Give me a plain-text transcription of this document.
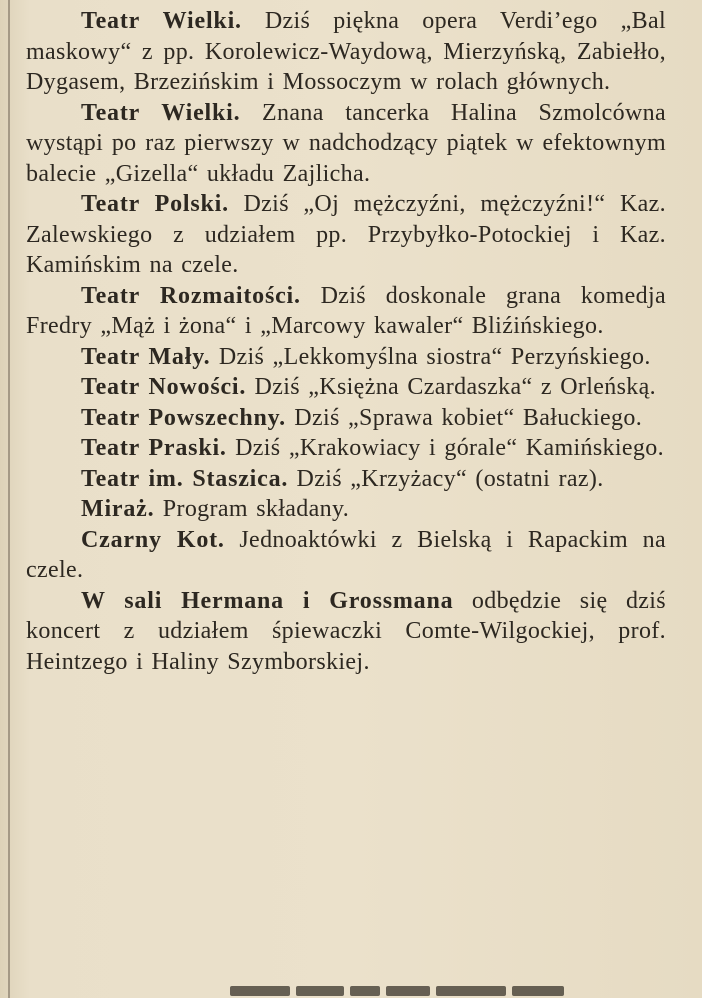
Teatr Wielki. Dziś piękna opera Verdi’ego „Bal maskowy“ z pp. Korolewicz-Waydową, Mierzyńską, Zabiełło, Dygasem, Brzezińskim i Mossoczym w rolach głównych.

Teatr Wielki. Znana tancerka Halina Szmolcówna wystąpi po raz pierwszy w nadchodzący piątek w efektownym balecie „Gizella“ układu Zajlicha.

Teatr Polski. Dziś „Oj mężczyźni, mężczyźni!“ Kaz. Zalewskiego z udziałem pp. Przybyłko-Potockiej i Kaz. Kamińskim na czele.

Teatr Rozmaitości. Dziś doskonale grana komedja Fredry „Mąż i żona“ i „Marcowy kawaler“ Bliźińskiego.

Teatr Mały. Dziś „Lekkomyślna siostra“ Perzyńskiego.

Teatr Nowości. Dziś „Księżna Czardaszka“ z Orleńską.

Teatr Powszechny. Dziś „Sprawa kobiet“ Bałuckiego.

Teatr Praski. Dziś „Krakowiacy i górale“ Kamińskiego.

Teatr im. Staszica. Dziś „Krzyżacy“ (ostatni raz).

Miraż. Program składany.

Czarny Kot. Jednoaktówki z Bielską i Rapackim na czele.

W sali Hermana i Grossmana odbędzie się dziś koncert z udziałem śpiewaczki Comte-Wilgockiej, prof. Heintzego i Haliny Szymborskiej.
